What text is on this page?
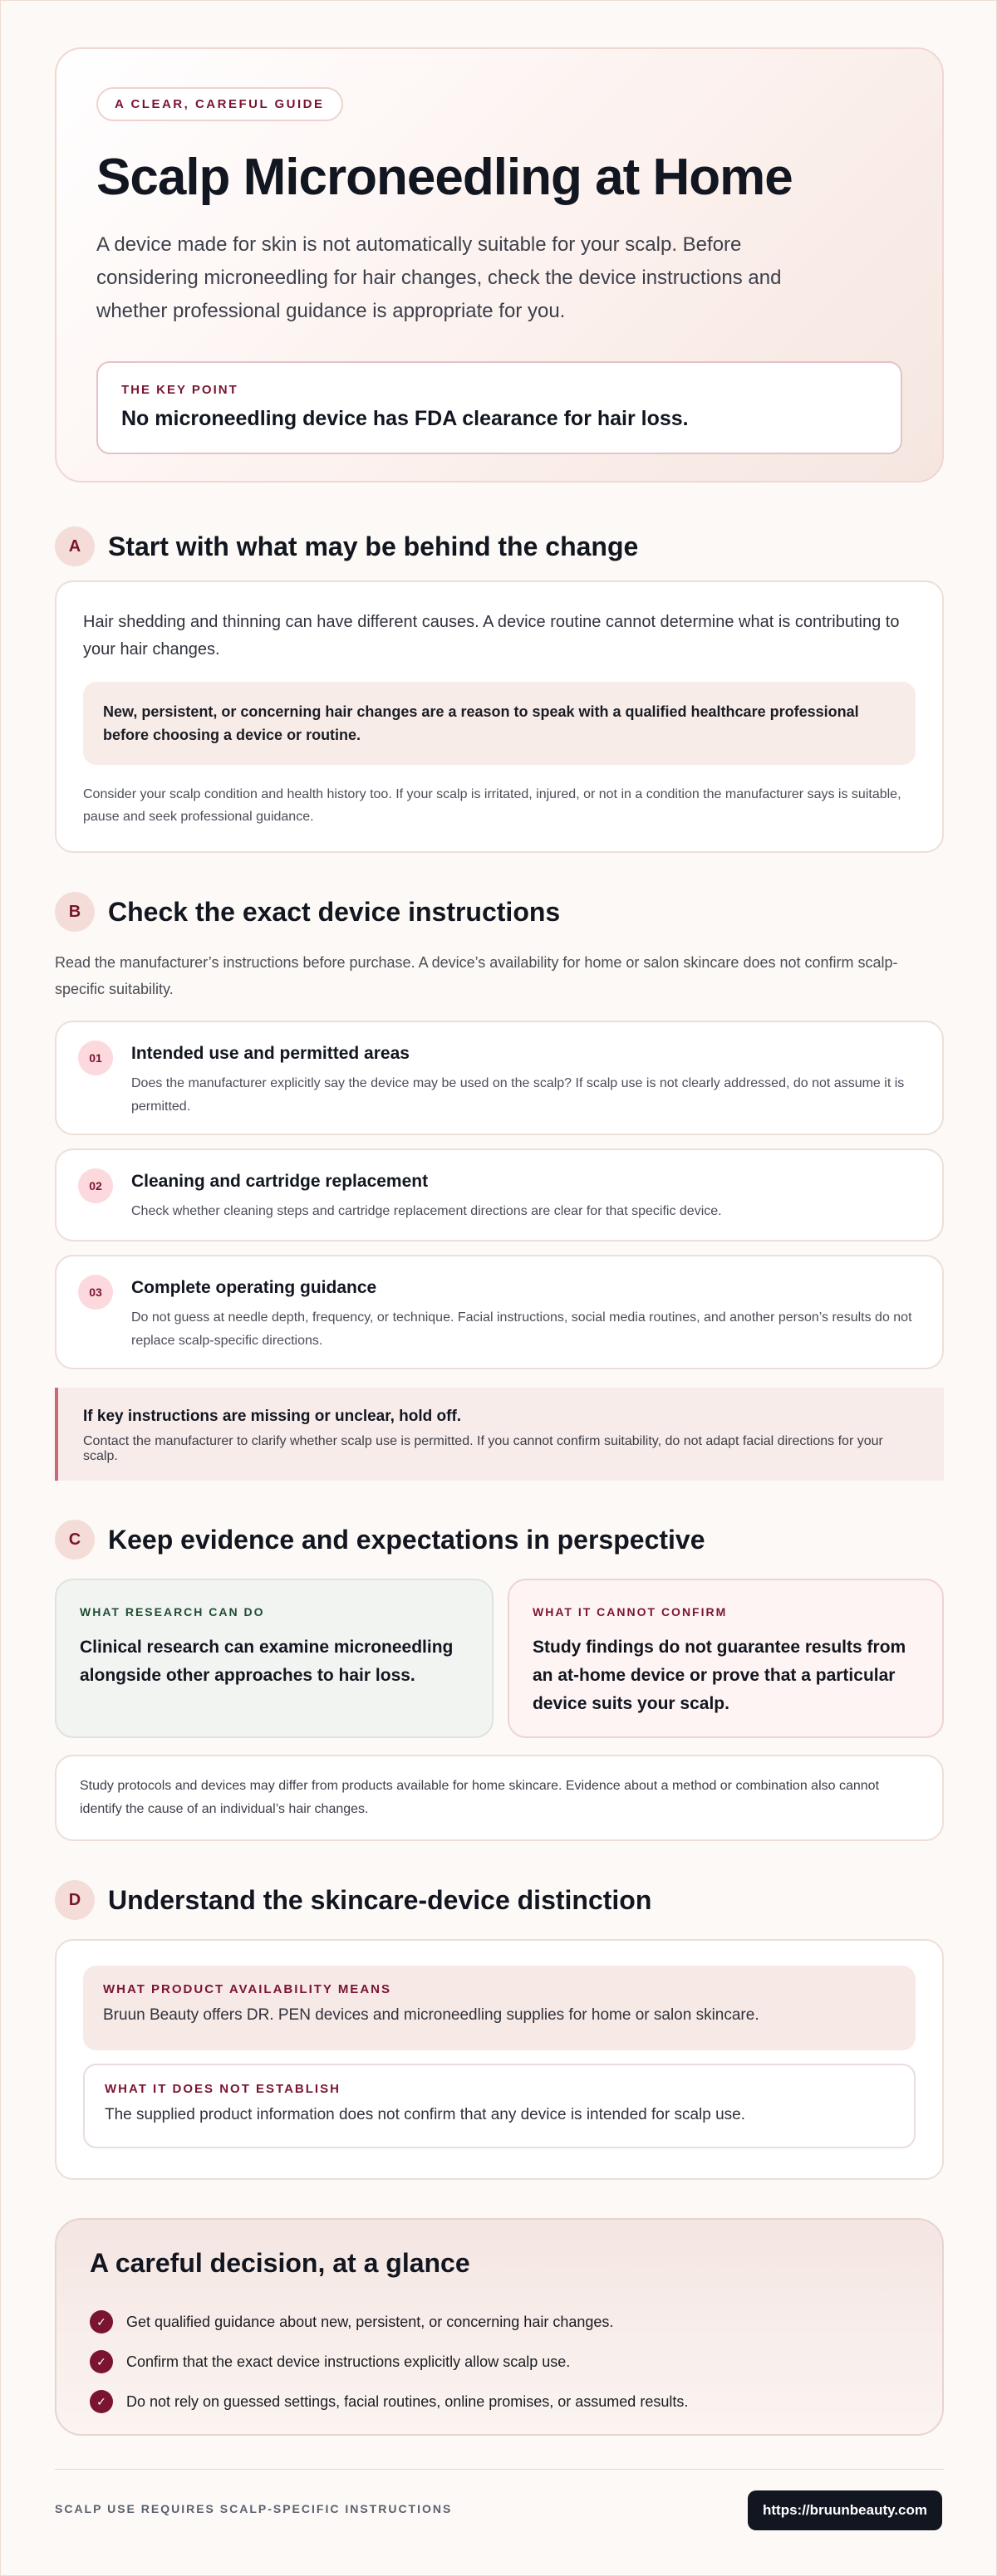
A CLEAR, CAREFUL GUIDE
Scalp Microneedling at Home

A device made for skin is not automatically suitable for your scalp. Before considering microneedling for hair changes, check the device instructions and whether professional guidance is appropriate for you.

THE KEY POINT
No microneedling device has FDA clearance for hair loss.
A	Start with what may be behind the change

Hair shedding and thinning can have different causes. A device routine cannot determine what is contributing to your hair changes.

New, persistent, or concerning hair changes are a reason to speak with a qualified healthcare professional before choosing a device or routine.

Consider your scalp condition and health history too. If your scalp is irritated, injured, or not in a condition the manufacturer says is suitable, pause and seek professional guidance.

B	Check the exact device instructions

Read the manufacturer’s instructions before purchase. A device’s availability for home or salon skincare does not confirm scalp-specific suitability.

01	Intended use and permitted areas
Does the manufacturer explicitly say the device may be used on the scalp? If scalp use is not clearly addressed, do not assume it is permitted.
02	Cleaning and cartridge replacement
Check whether cleaning steps and cartridge replacement directions are clear for that specific device.
03	Complete operating guidance
Do not guess at needle depth, frequency, or technique. Facial instructions, social media routines, and another person’s results do not replace scalp-specific directions.
If key instructions are missing or unclear, hold off.
Contact the manufacturer to clarify whether scalp use is permitted. If you cannot confirm suitability, do not adapt facial directions for your scalp.
C	Keep evidence and expectations in perspective
WHAT RESEARCH CAN DO
Clinical research can examine microneedling alongside other approaches to hair loss.
WHAT IT CANNOT CONFIRM
Study findings do not guarantee results from an at-home device or prove that a particular device suits your scalp.
Study protocols and devices may differ from products available for home skincare. Evidence about a method or combination also cannot identify the cause of an individual’s hair changes.
D	Understand the skincare-device distinction
WHAT PRODUCT AVAILABILITY MEANS
Bruun Beauty offers DR. PEN devices and microneedling supplies for home or salon skincare.
WHAT IT DOES NOT ESTABLISH
The supplied product information does not confirm that any device is intended for scalp use.
A careful decision, at a glance
✓	Get qualified guidance about new, persistent, or concerning hair changes.
✓	Confirm that the exact device instructions explicitly allow scalp use.
✓	Do not rely on guessed settings, facial routines, online promises, or assumed results.
SCALP USE REQUIRES SCALP-SPECIFIC INSTRUCTIONS	https://bruunbeauty.com
